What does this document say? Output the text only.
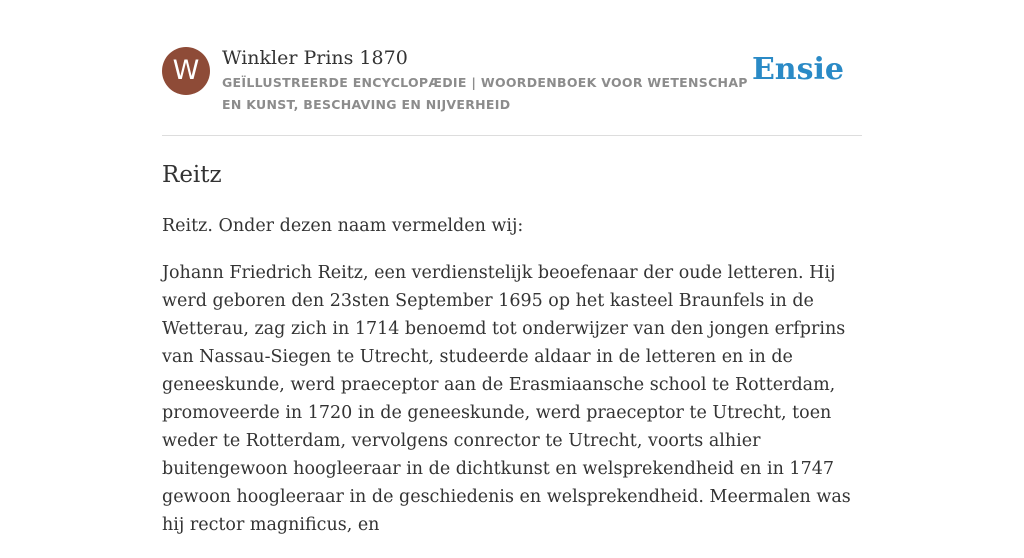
W	Winkler Prins 1870
GEÏLLUSTREERDE ENCYCLOPÆDIE | WOORDENBOEK VOOR WETENSCHAP EN KUNST, BESCHAVING EN NIJVERHEID
Ensie
Reitz

Reitz. Onder dezen naam vermelden wij:

Johann Friedrich Reitz, een verdienstelijk beoefenaar der oude letteren. Hij werd geboren den 23sten September 1695 op het kasteel Braunfels in de Wetterau, zag zich in 1714 benoemd tot onderwijzer van den jongen erfprins van Nassau-Siegen te Utrecht, studeerde aldaar in de letteren en in de geneeskunde, werd praeceptor aan de Erasmiaansche school te Rotterdam, promoveerde in 1720 in de geneeskunde, werd praeceptor te Utrecht, toen weder te Rotterdam, vervolgens conrector te Utrecht, voorts alhier buitengewoon hoogleeraar in de dichtkunst en welsprekendheid en in 1747 gewoon hoogleeraar in de geschiedenis en welsprekendheid. Meermalen was hij rector magnificus, en
